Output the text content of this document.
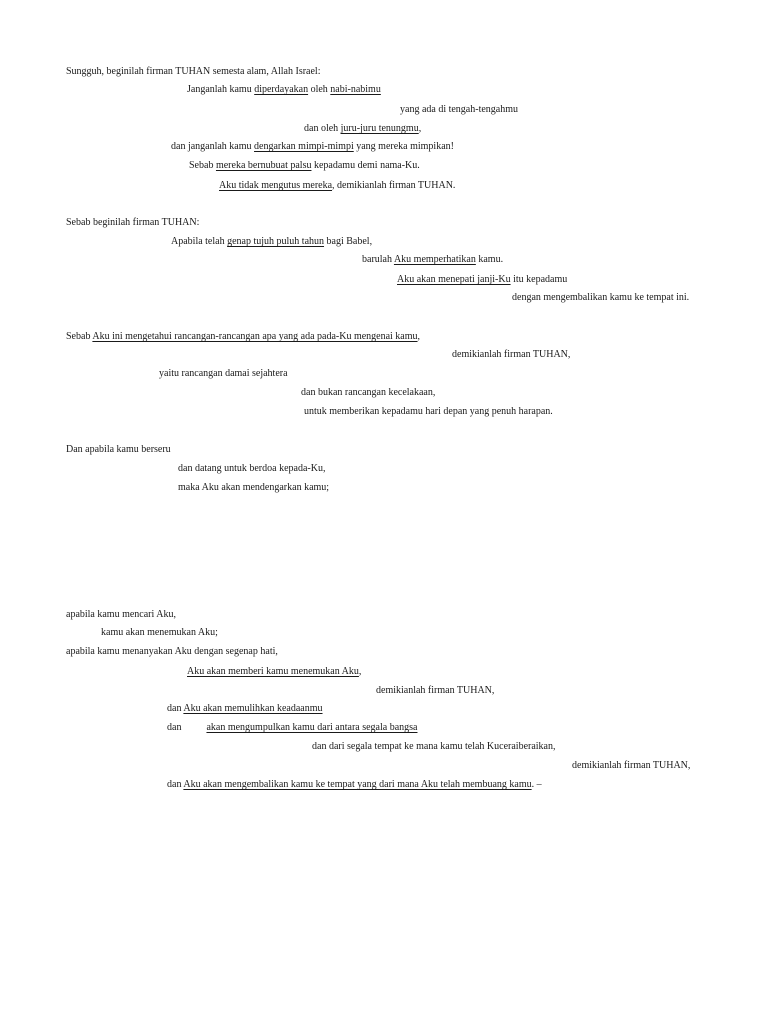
Sungguh, beginilah firman TUHAN semesta alam, Allah Israel:
Janganlah kamu diperdayakan oleh nabi-nabimu
yang ada di tengah-tengahmu
dan oleh juru-juru tenungmu,
dan janganlah kamu dengarkan mimpi-mimpi yang mereka mimpikan!
Sebab mereka bernubuat palsu kepadamu demi nama-Ku.
Aku tidak mengutus mereka, demikianlah firman TUHAN.
Sebab beginilah firman TUHAN:
Apabila telah genap tujuh puluh tahun bagi Babel,
barulah Aku memperhatikan kamu.
Aku akan menepati janji-Ku itu kepadamu
dengan mengembalikan kamu ke tempat ini.
Sebab Aku ini mengetahui rancangan-rancangan apa yang ada pada-Ku mengenai kamu,
demikianlah firman TUHAN,
yaitu rancangan damai sejahtera
dan bukan rancangan kecelakaan,
untuk memberikan kepadamu hari depan yang penuh harapan.
Dan apabila kamu berseru
dan datang untuk berdoa kepada-Ku,
maka Aku akan mendengarkan kamu;
apabila kamu mencari Aku,
kamu akan menemukan Aku;
apabila kamu menanyakan Aku dengan segenap hati,
Aku akan memberi kamu menemukan Aku,
demikianlah firman TUHAN,
dan Aku akan memulihkan keadaanmu
dan          akan mengumpulkan kamu dari antara segala bangsa
dan dari segala tempat ke mana kamu telah Kuceraiberaikan,
demikianlah firman TUHAN,
dan Aku akan mengembalikan kamu ke tempat yang dari mana Aku telah membuang kamu. –
